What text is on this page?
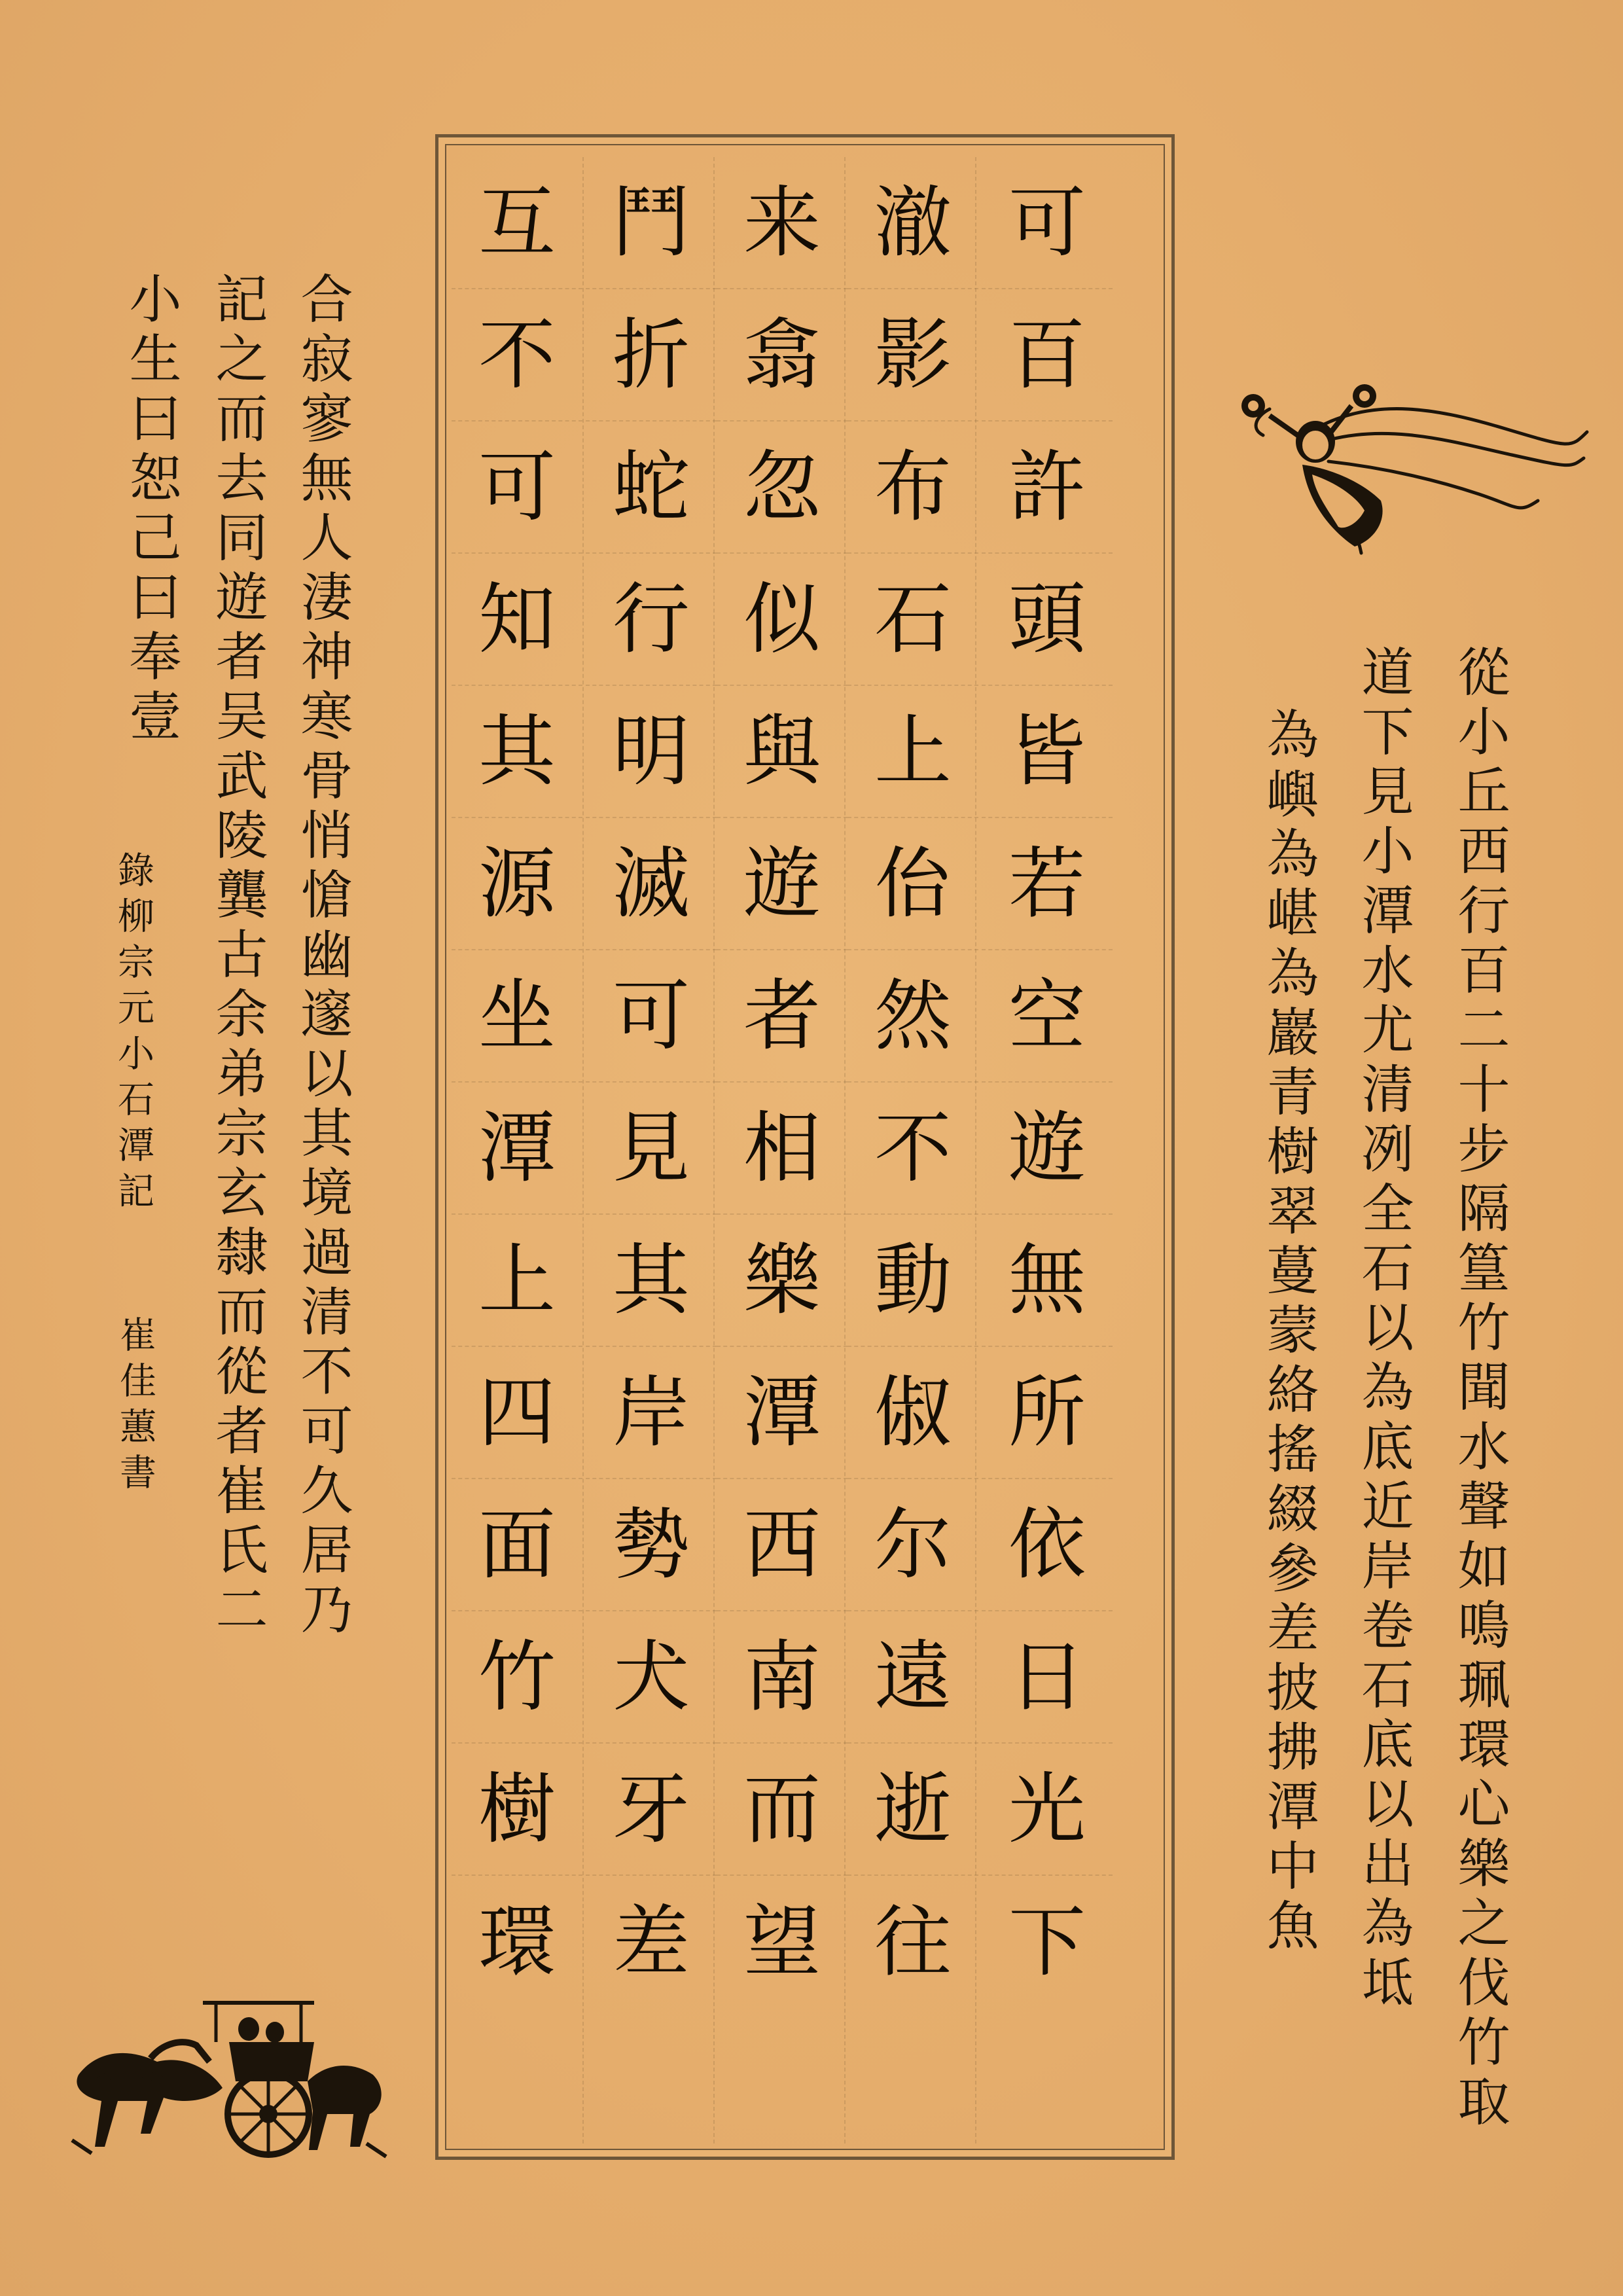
從小丘西行百二十步隔篁竹聞水聲如鳴珮環心樂之伐竹取
道下見小潭水尤清冽全石以為底近岸卷石底以出為坻
為嶼為嵁為巖青樹翠蔓蒙絡搖綴參差披拂潭中魚
可
百
許
頭
皆
若
空
遊
無
所
依
日
光
下
澈
影
布
石
上
佁
然
不
動
俶
尔
遠
逝
往
来
翕
忽
似
與
遊
者
相
樂
潭
西
南
而
望
鬥
折
蛇
行
明
滅
可
見
其
岸
勢
犬
牙
差
互
不
可
知
其
源
坐
潭
上
四
面
竹
樹
環
合寂寥無人淒神寒骨悄愴幽邃以其境過清不可久居乃
記之而去同遊者吴武陵龔古余弟宗玄隸而從者崔氏二
小生曰恕己曰奉壹
錄柳宗元小石潭記
崔佳蕙書
